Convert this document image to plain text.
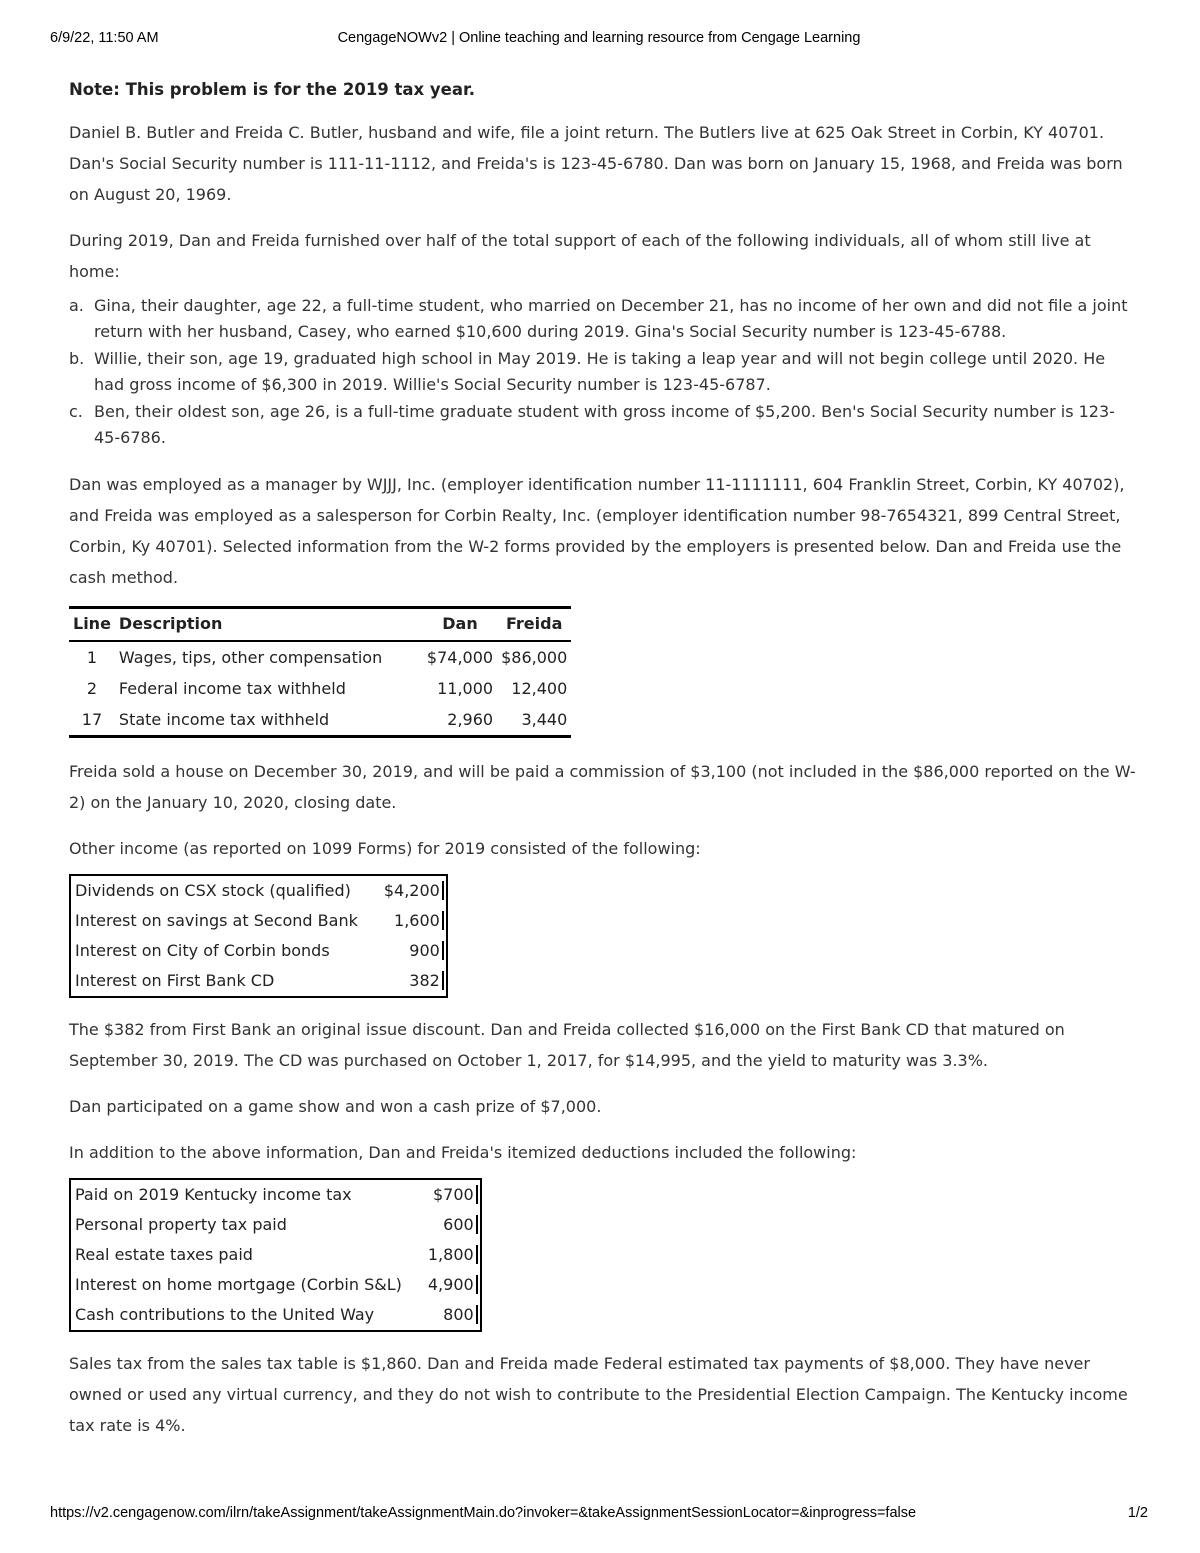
6/9/22, 11:50 AM	CengageNOWv2 | Online teaching and learning resource from Cengage Learning
Note: This problem is for the 2019 tax year.

Daniel B. Butler and Freida C. Butler, husband and wife, file a joint return. The Butlers live at 625 Oak Street in Corbin, KY 40701. Dan's Social Security number is 111-11-1112, and Freida's is 123-45-6780. Dan was born on January 15, 1968, and Freida was born on August 20, 1969.

During 2019, Dan and Freida furnished over half of the total support of each of the following individuals, all of whom still live at home:

a. Gina, their daughter, age 22, a full-time student, who married on December 21, has no income of her own and did not file a joint return with her husband, Casey, who earned $10,600 during 2019. Gina's Social Security number is 123-45-6788.
b. Willie, their son, age 19, graduated high school in May 2019. He is taking a leap year and will not begin college until 2020. He had gross income of $6,300 in 2019. Willie's Social Security number is 123-45-6787.
c. Ben, their oldest son, age 26, is a full-time graduate student with gross income of $5,200. Ben's Social Security number is 123-45-6786.

Dan was employed as a manager by WJJJ, Inc. (employer identification number 11-1111111, 604 Franklin Street, Corbin, KY 40702), and Freida was employed as a salesperson for Corbin Realty, Inc. (employer identification number 98-7654321, 899 Central Street, Corbin, Ky 40701). Selected information from the W-2 forms provided by the employers is presented below. Dan and Freida use the cash method.

Line	Description	Dan	Freida
1	Wages, tips, other compensation	$74,000	$86,000
2	Federal income tax withheld	11,000	12,400
17	State income tax withheld	2,960	3,440

Freida sold a house on December 30, 2019, and will be paid a commission of $3,100 (not included in the $86,000 reported on the W-2) on the January 10, 2020, closing date.

Other income (as reported on 1099 Forms) for 2019 consisted of the following:

Dividends on CSX stock (qualified)	$4,200
Interest on savings at Second Bank	1,600
Interest on City of Corbin bonds	900
Interest on First Bank CD	382

The $382 from First Bank an original issue discount. Dan and Freida collected $16,000 on the First Bank CD that matured on September 30, 2019. The CD was purchased on October 1, 2017, for $14,995, and the yield to maturity was 3.3%.

Dan participated on a game show and won a cash prize of $7,000.

In addition to the above information, Dan and Freida's itemized deductions included the following:

Paid on 2019 Kentucky income tax	$700
Personal property tax paid	600
Real estate taxes paid	1,800
Interest on home mortgage (Corbin S&L)	4,900
Cash contributions to the United Way	800

Sales tax from the sales tax table is $1,860. Dan and Freida made Federal estimated tax payments of $8,000. They have never owned or used any virtual currency, and they do not wish to contribute to the Presidential Election Campaign. The Kentucky income tax rate is 4%.

https://v2.cengagenow.com/ilrn/takeAssignment/takeAssignmentMain.do?invoker=&takeAssignmentSessionLocator=&inprogress=false	1/2
